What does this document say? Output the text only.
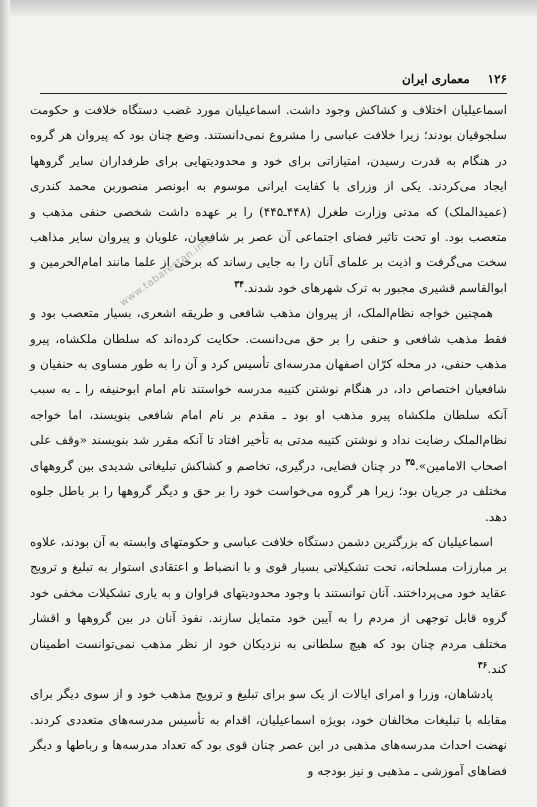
۱۲۶
معماری ایران

اسماعیلیان اختلاف و کشاکش وجود داشت. اسماعیلیان مورد غضب دستگاه خلافت و حکومت سلجوقیان بودند؛ زیرا خلافت عباسی را مشروع نمی‌دانستند. وضع چنان بود که پیروان هر گروه در هنگام به قدرت رسیدن، امتیازاتی برای خود و محدودیتهایی برای طرفداران سایر گروهها ایجاد می‌کردند. یکی از وزرای با کفایت ایرانی موسوم به ابونصر منصوربن محمد کندری (عمیدالملک) که مدتی وزارت طغرل (۴۴۸ـ۴۴۵) را بر عهده داشت شخصی حنفی مذهب و متعصب بود. او تحت تاثیر فضای اجتماعی آن عصر بر شافعیان، علویان و پیروان سایر مذاهب سخت می‌گرفت و اذیت بر علمای آنان را به جایی رساند که برخی از علما مانند امام‌الحرمین و ابوالقاسم قشیری مجبور به ترک شهرهای خود شدند.$^{۳۴}$

همچنین خواجه نظام‌الملک، از پیروان مذهب شافعی و طریقه اشعری، بسیار متعصب بود و فقط مذهب شافعی و حنفی را بر حق می‌دانست. حکایت کرده‌اند که سلطان ملکشاه، پیرو مذهب حنفی، در محله کرّان اصفهان مدرسه‌ای تأسیس کرد و آن را به طور مساوی به حنفیان و شافعیان اختصاص داد، در هنگام نوشتن کتیبه مدرسه خواستند نام امام ابوحنیفه را ـ به سبب آنکه سلطان ملکشاه پیرو مذهب او بود ـ مقدم بر نام امام شافعی بنویسند، اما خواجه نظام‌الملک رضایت نداد و نوشتن کتیبه مدتی به تأخیر افتاد تا آنکه مقرر شد بنویسند «وقف علی اصحاب الامامین».$^{۳۵}$ در چنان فضایی، درگیری، تخاصم و کشاکش تبلیغاتی شدیدی بین گروههای مختلف در جریان بود؛ زیرا هر گروه می‌خواست خود را بر حق و دیگر گروهها را بر باطل جلوه دهد.

اسماعیلیان که بزرگترین دشمن دستگاه خلافت عباسی و حکومتهای وابسته به آن بودند، علاوه بر مبارزات مسلحانه، تحت تشکیلاتی بسیار قوی و با انضباط و اعتقادی استوار به تبلیغ و ترویج عقاید خود می‌پرداختند. آنان توانستند با وجود محدودیتهای فراوان و به یاری تشکیلات مخفی خود گروه قابل توجهی از مردم را به آیین خود متمایل سازند. نفوذ آنان در بین گروهها و اقشار مختلف مردم چنان بود که هیچ سلطانی به نزدیکان خود از نظر مذهب نمی‌توانست اطمینان کند.$^{۳۶}$

پادشاهان، وزرا و امرای ایالات از یک سو برای تبلیغ و ترویج مذهب خود و از سوی دیگر برای مقابله با تبلیغات مخالفان خود، بویژه اسماعیلیان، اقدام به تأسیس مدرسه‌های متعددی کردند. نهضت احداث مدرسه‌های مذهبی در این عصر چنان قوی بود که تعداد مدرسه‌ها و رباطها و دیگر فضاهای آموزشی ـ مذهبی و نیز بودجه و

www.tabarestan.info
